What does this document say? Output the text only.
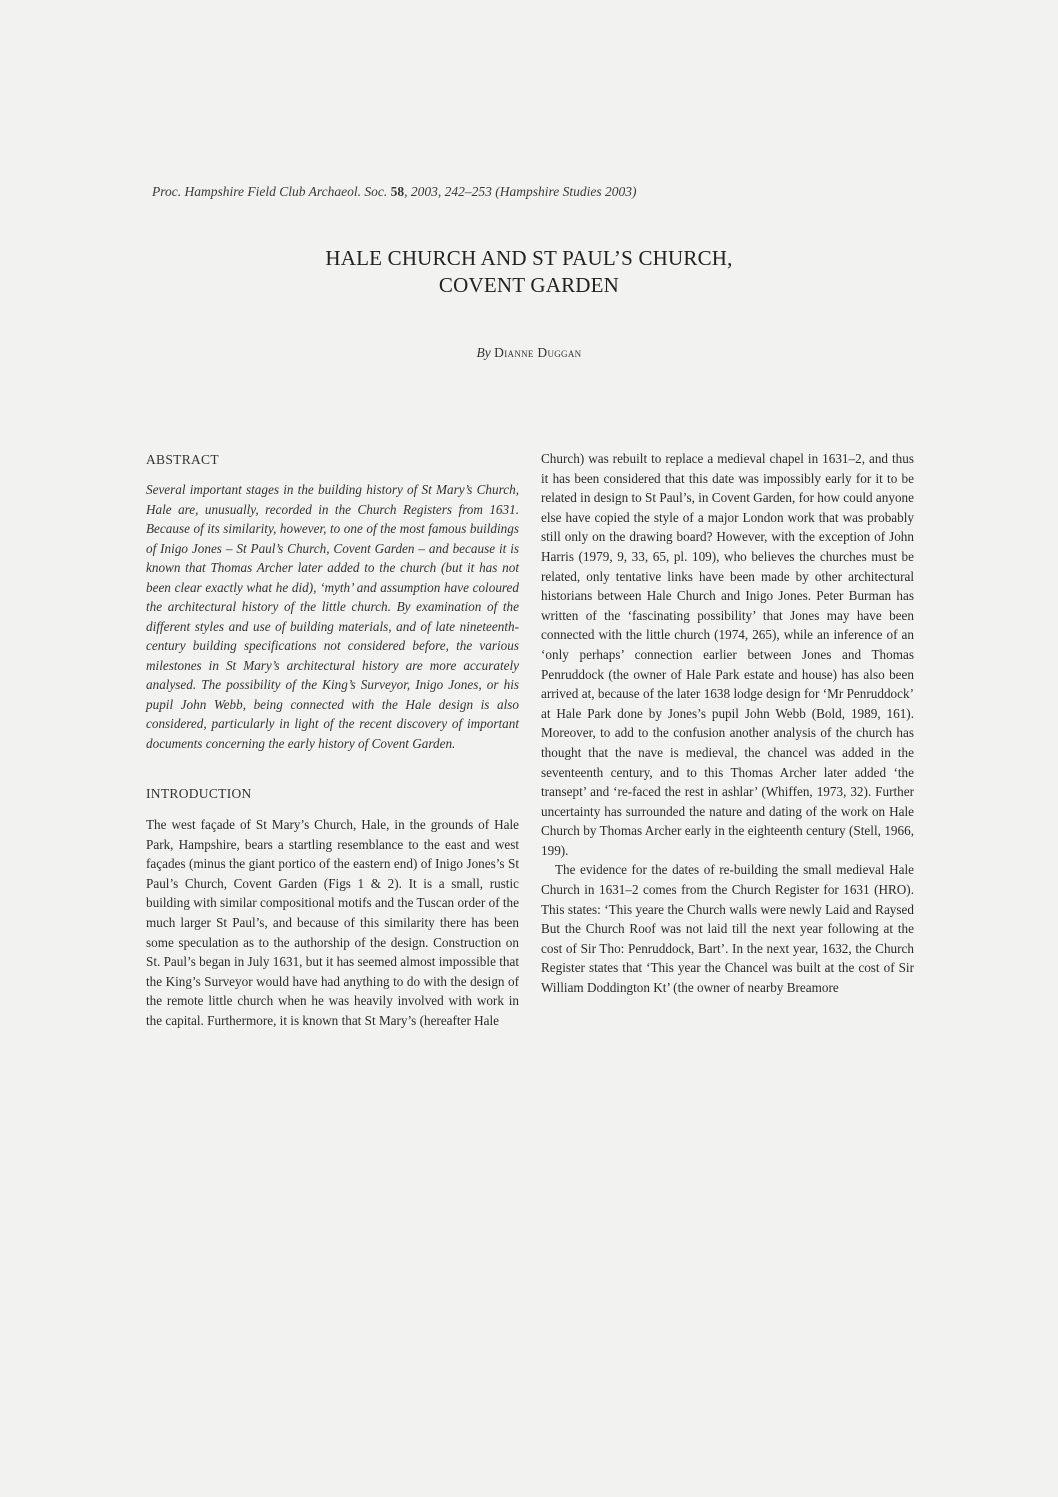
Proc. Hampshire Field Club Archaeol. Soc. 58, 2003, 242–253 (Hampshire Studies 2003)
HALE CHURCH AND ST PAUL’S CHURCH,
COVENT GARDEN
By Dianne Duggan
ABSTRACT

Several important stages in the building history of St Mary’s Church, Hale are, unusually, recorded in the Church Registers from 1631. Because of its similarity, however, to one of the most famous buildings of Inigo Jones – St Paul’s Church, Covent Garden – and because it is known that Thomas Archer later added to the church (but it has not been clear exactly what he did), ‘myth’ and assumption have coloured the architectural history of the little church. By examination of the different styles and use of building materials, and of late nineteenth-century building specifications not considered before, the various milestones in St Mary’s architectural history are more accurately analysed. The possibility of the King’s Surveyor, Inigo Jones, or his pupil John Webb, being connected with the Hale design is also considered, particularly in light of the recent discovery of important documents concerning the early history of Covent Garden.

INTRODUCTION

The west façade of St Mary’s Church, Hale, in the grounds of Hale Park, Hampshire, bears a startling resemblance to the east and west façades (minus the giant portico of the eastern end) of Inigo Jones’s St Paul’s Church, Covent Garden (Figs 1 & 2). It is a small, rustic building with similar compositional motifs and the Tuscan order of the much larger St Paul’s, and because of this similarity there has been some speculation as to the authorship of the design. Construction on St. Paul’s began in July 1631, but it has seemed almost impossible that the King’s Surveyor would have had anything to do with the design of the remote little church when he was heavily involved with work in the capital. Furthermore, it is known that St Mary’s (hereafter Hale

Church) was rebuilt to replace a medieval chapel in 1631–2, and thus it has been considered that this date was impossibly early for it to be related in design to St Paul’s, in Covent Garden, for how could anyone else have copied the style of a major London work that was probably still only on the drawing board? However, with the exception of John Harris (1979, 9, 33, 65, pl. 109), who believes the churches must be related, only tentative links have been made by other architectural historians between Hale Church and Inigo Jones. Peter Burman has written of the ‘fascinating possibility’ that Jones may have been connected with the little church (1974, 265), while an inference of an ‘only perhaps’ connection earlier between Jones and Thomas Penruddock (the owner of Hale Park estate and house) has also been arrived at, because of the later 1638 lodge design for ‘Mr Penruddock’ at Hale Park done by Jones’s pupil John Webb (Bold, 1989, 161). Moreover, to add to the confusion another analysis of the church has thought that the nave is medieval, the chancel was added in the seventeenth century, and to this Thomas Archer later added ‘the transept’ and ‘re-faced the rest in ashlar’ (Whiffen, 1973, 32). Further uncertainty has surrounded the nature and dating of the work on Hale Church by Thomas Archer early in the eighteenth century (Stell, 1966, 199).

The evidence for the dates of re-building the small medieval Hale Church in 1631–2 comes from the Church Register for 1631 (HRO). This states: ‘This yeare the Church walls were newly Laid and Raysed But the Church Roof was not laid till the next year following at the cost of Sir Tho: Penruddock, Bart’. In the next year, 1632, the Church Register states that ‘This year the Chancel was built at the cost of Sir William Doddington Kt’ (the owner of nearby Breamore
